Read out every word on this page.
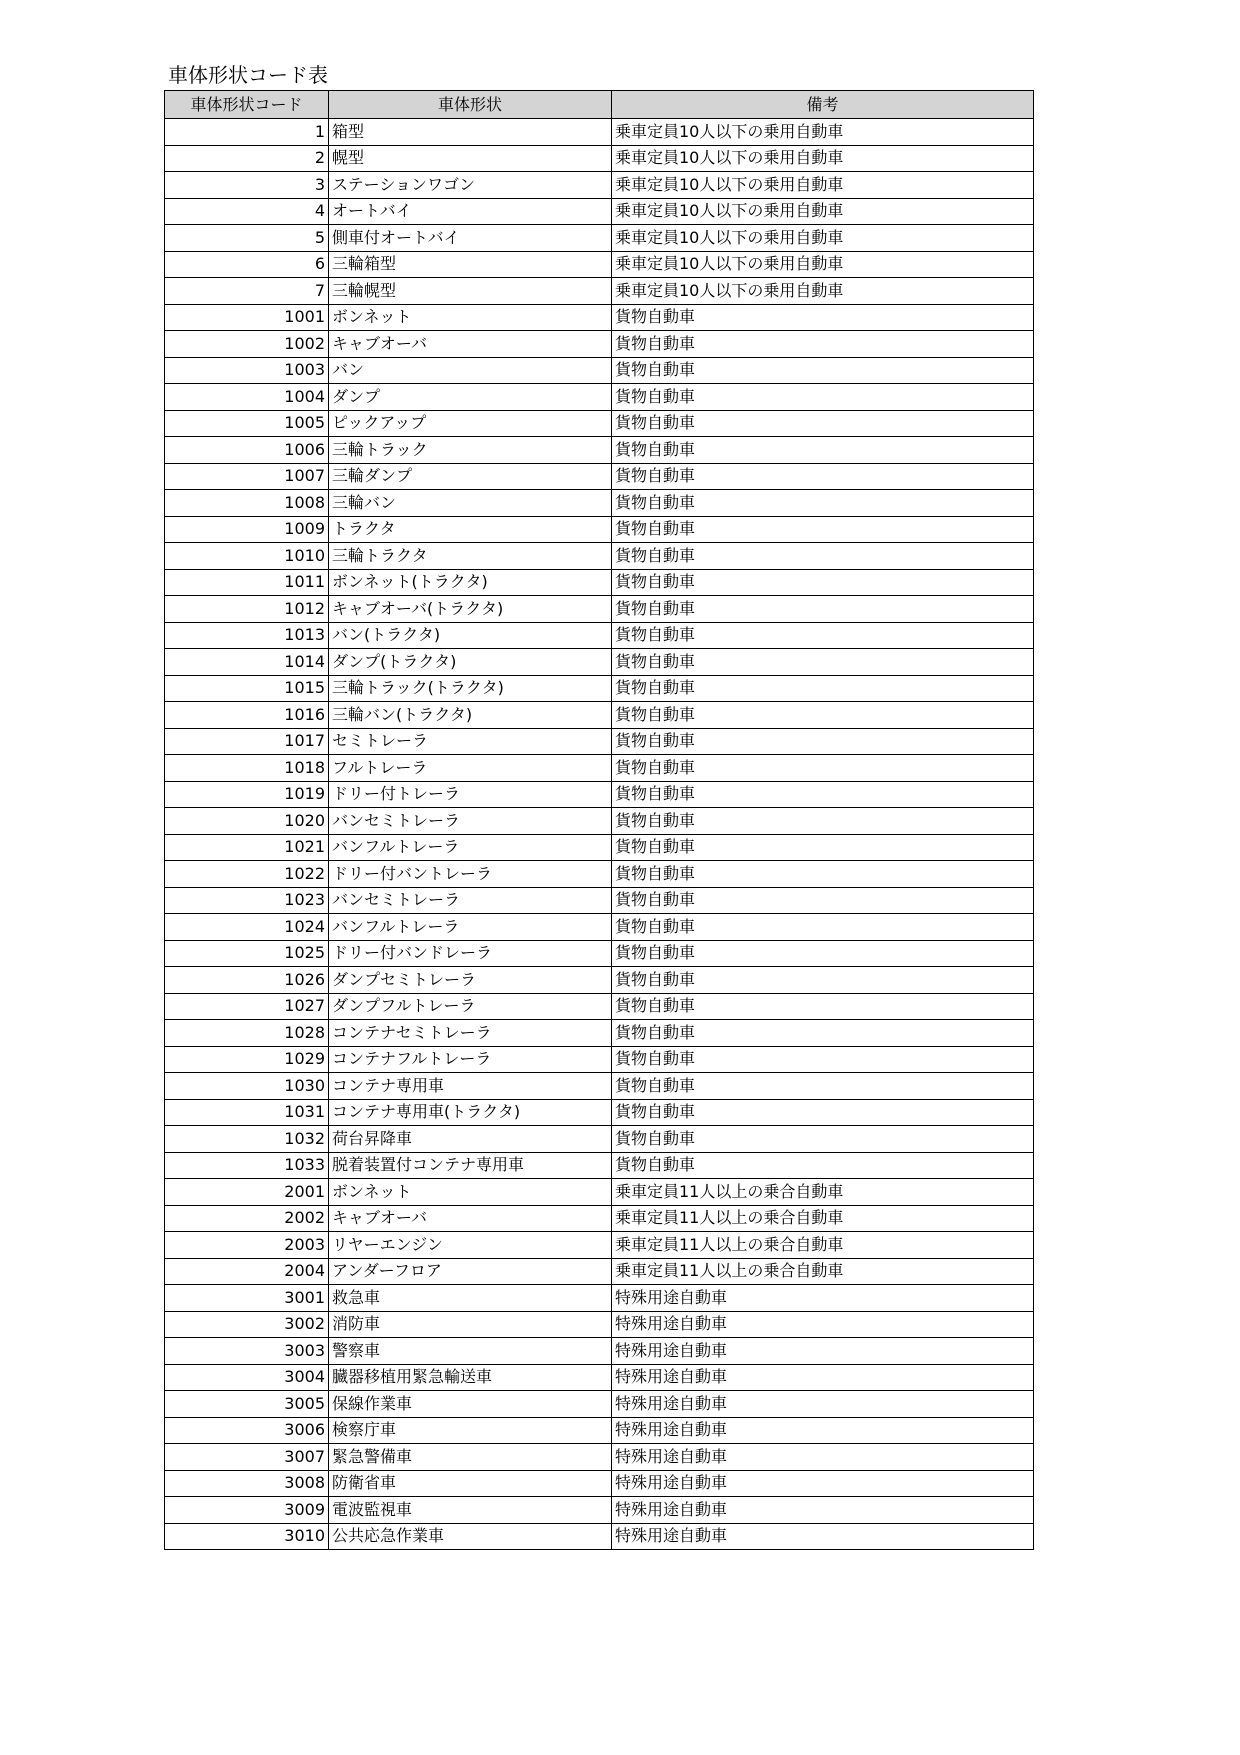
車体形状コード表
車体形状コード	車体形状	備考
1	箱型	乗車定員10人以下の乗用自動車
2	幌型	乗車定員10人以下の乗用自動車
3	ステーションワゴン	乗車定員10人以下の乗用自動車
4	オートバイ	乗車定員10人以下の乗用自動車
5	側車付オートバイ	乗車定員10人以下の乗用自動車
6	三輪箱型	乗車定員10人以下の乗用自動車
7	三輪幌型	乗車定員10人以下の乗用自動車
1001	ボンネット	貨物自動車
1002	キャブオーバ	貨物自動車
1003	バン	貨物自動車
1004	ダンプ	貨物自動車
1005	ピックアップ	貨物自動車
1006	三輪トラック	貨物自動車
1007	三輪ダンプ	貨物自動車
1008	三輪バン	貨物自動車
1009	トラクタ	貨物自動車
1010	三輪トラクタ	貨物自動車
1011	ボンネット(トラクタ)	貨物自動車
1012	キャブオーバ(トラクタ)	貨物自動車
1013	バン(トラクタ)	貨物自動車
1014	ダンプ(トラクタ)	貨物自動車
1015	三輪トラック(トラクタ)	貨物自動車
1016	三輪バン(トラクタ)	貨物自動車
1017	セミトレーラ	貨物自動車
1018	フルトレーラ	貨物自動車
1019	ドリー付トレーラ	貨物自動車
1020	バンセミトレーラ	貨物自動車
1021	バンフルトレーラ	貨物自動車
1022	ドリー付バントレーラ	貨物自動車
1023	バンセミトレーラ	貨物自動車
1024	バンフルトレーラ	貨物自動車
1025	ドリー付バンドレーラ	貨物自動車
1026	ダンプセミトレーラ	貨物自動車
1027	ダンプフルトレーラ	貨物自動車
1028	コンテナセミトレーラ	貨物自動車
1029	コンテナフルトレーラ	貨物自動車
1030	コンテナ専用車	貨物自動車
1031	コンテナ専用車(トラクタ)	貨物自動車
1032	荷台昇降車	貨物自動車
1033	脱着装置付コンテナ専用車	貨物自動車
2001	ボンネット	乗車定員11人以上の乗合自動車
2002	キャブオーバ	乗車定員11人以上の乗合自動車
2003	リヤーエンジン	乗車定員11人以上の乗合自動車
2004	アンダーフロア	乗車定員11人以上の乗合自動車
3001	救急車	特殊用途自動車
3002	消防車	特殊用途自動車
3003	警察車	特殊用途自動車
3004	臓器移植用緊急輸送車	特殊用途自動車
3005	保線作業車	特殊用途自動車
3006	検察庁車	特殊用途自動車
3007	緊急警備車	特殊用途自動車
3008	防衛省車	特殊用途自動車
3009	電波監視車	特殊用途自動車
3010	公共応急作業車	特殊用途自動車
